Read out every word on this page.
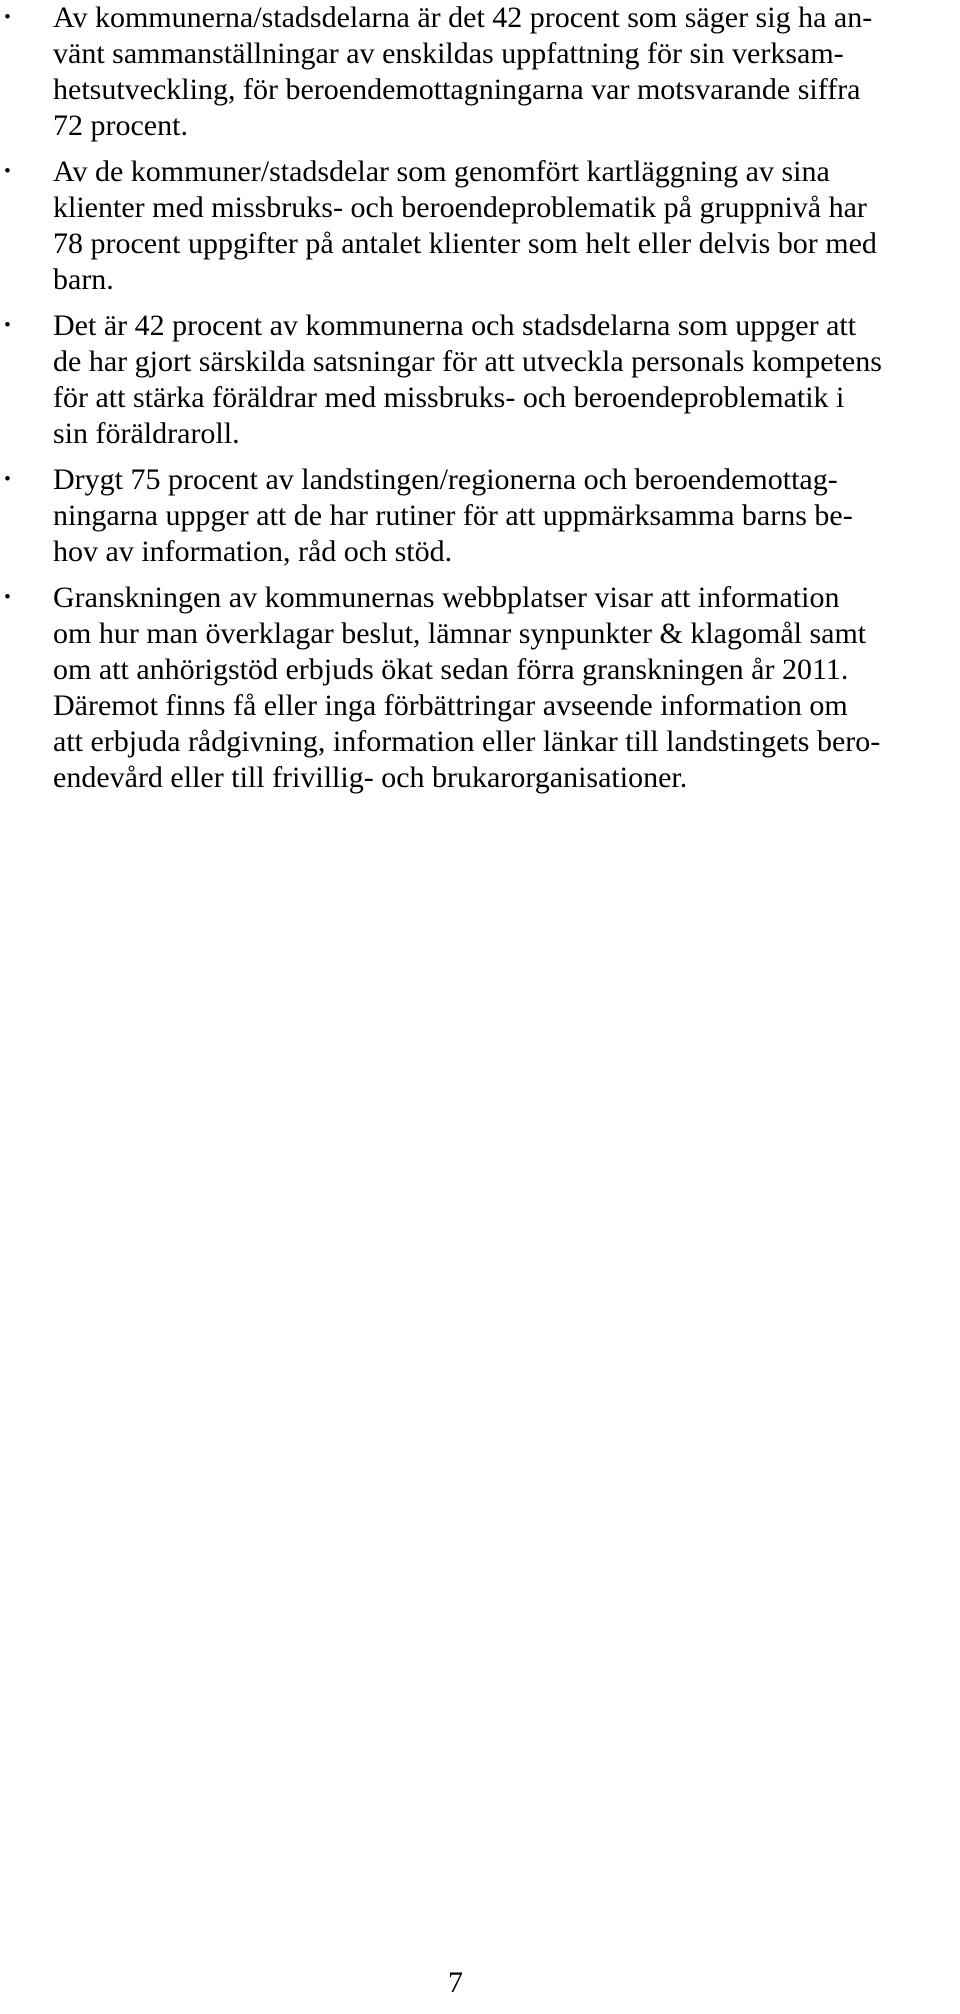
• Av kommunerna/stadsdelarna är det 42 procent som säger sig ha an-
vänt sammanställningar av enskildas uppfattning för sin verksam-
hetsutveckling, för beroendemottagningarna var motsvarande siffra
72 procent.
• Av de kommuner/stadsdelar som genomfört kartläggning av sina
klienter med missbruks- och beroendeproblematik på gruppnivå har
78 procent uppgifter på antalet klienter som helt eller delvis bor med
barn.
• Det är 42 procent av kommunerna och stadsdelarna som uppger att
de har gjort särskilda satsningar för att utveckla personals kompetens
för att stärka föräldrar med missbruks- och beroendeproblematik i
sin föräldraroll.
• Drygt 75 procent av landstingen/regionerna och beroendemottag-
ningarna uppger att de har rutiner för att uppmärksamma barns be-
hov av information, råd och stöd.
• Granskningen av kommunernas webbplatser visar att information
om hur man överklagar beslut, lämnar synpunkter & klagomål samt
om att anhörigstöd erbjuds ökat sedan förra granskningen år 2011.
Däremot finns få eller inga förbättringar avseende information om
att erbjuda rådgivning, information eller länkar till landstingets bero-
endevård eller till frivillig- och brukarorganisationer.
7
